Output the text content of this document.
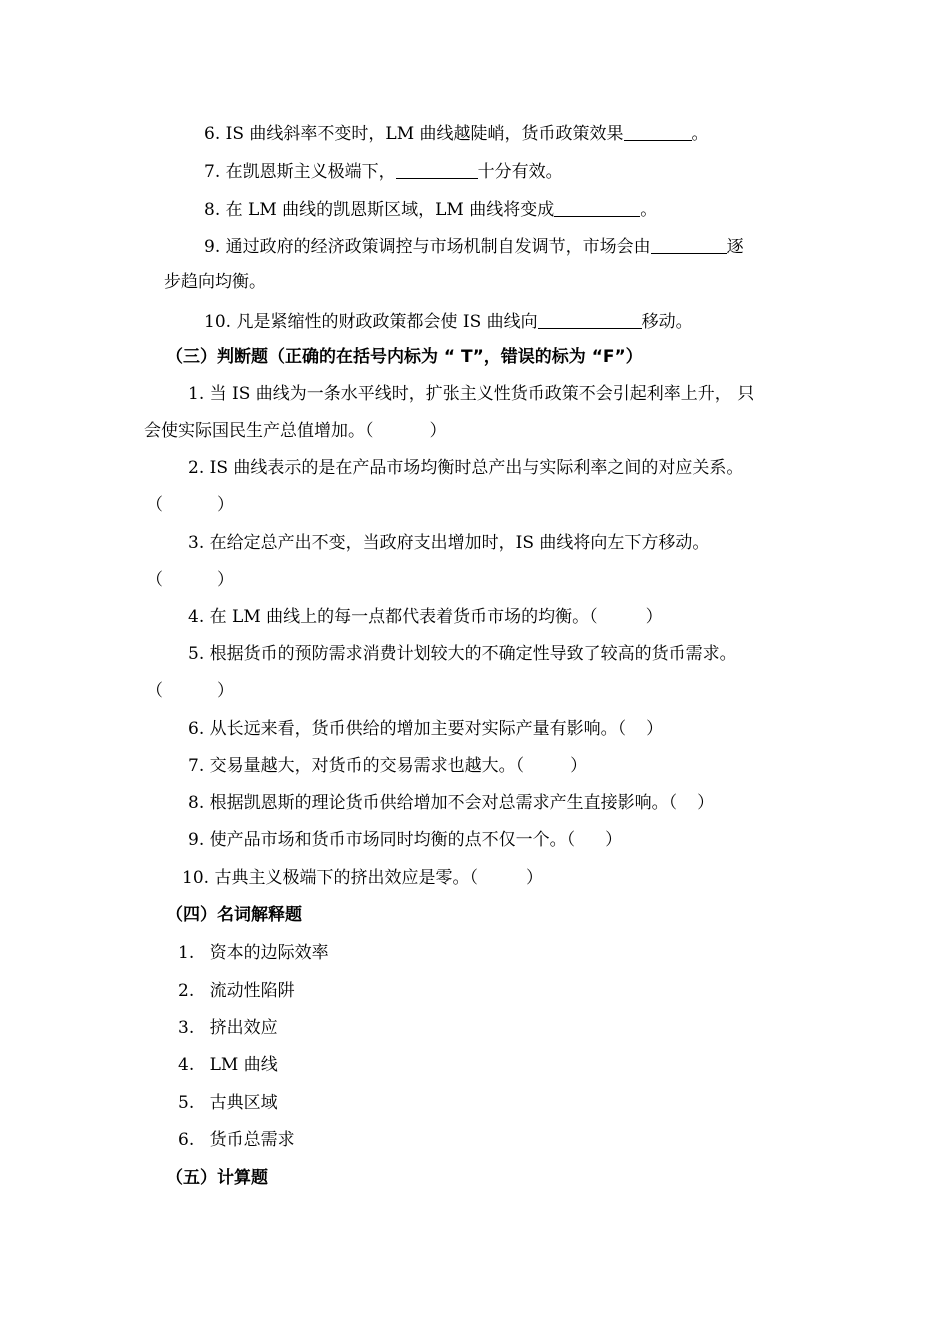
6. IS 曲线斜率不变时，LM 曲线越陡峭，货币政策效果	。
7. 在凯恩斯主义极端下，	十分有效。
8. 在 LM 曲线的凯恩斯区域，LM 曲线将变成	。
9. 通过政府的经济政策调控与市场机制自发调节，市场会由	逐
步趋向均衡。
10. 凡是紧缩性的财政政策都会使 IS 曲线向	移动。
（三）判断题（正确的在括号内标为 “ T”，错误的标为 “F”）
1. 当 IS 曲线为一条水平线时，扩张主义性货币政策不会引起利率上升， 只
会使实际国民生产总值增加。（	）
2. IS 曲线表示的是在产品市场均衡时总产出与实际利率之间的对应关系。
（	）
3. 在给定总产出不变，当政府支出增加时，IS 曲线将向左下方移动。
（	）
4. 在 LM 曲线上的每一点都代表着货币市场的均衡。（	）
5. 根据货币的预防需求消费计划较大的不确定性导致了较高的货币需求。
（	）
6. 从长远来看，货币供给的增加主要对实际产量有影响。（ ）
7. 交易量越大，对货币的交易需求也越大。（	）
8. 根据凯恩斯的理论货币供给增加不会对总需求产生直接影响。（ ）
9. 使产品市场和货币市场同时均衡的点不仅一个。（ ）
10. 古典主义极端下的挤出效应是零。（	）
（四）名词解释题
1. 资本的边际效率
2. 流动性陷阱
3. 挤出效应
4. LM 曲线
5. 古典区域
6. 货币总需求
（五）计算题
